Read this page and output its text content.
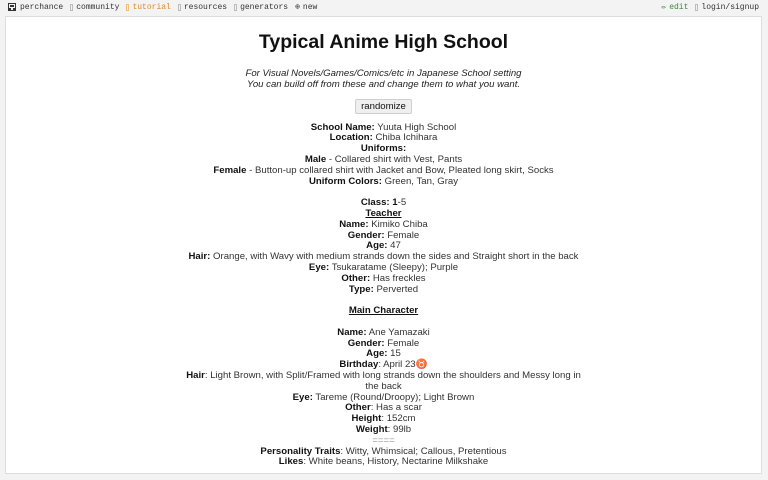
perchance community tutorial resources generators ⊕ new	✏ edit login/signup
Typical Anime High School
For Visual Novels/Games/Comics/etc in Japanese School setting
You can build off from these and change them to what you want.
randomize
School Name: Yuuta High School
Location: Chiba Ichihara
Uniforms:
Male - Collared shirt with Vest, Pants
Female - Button-up collared shirt with Jacket and Bow, Pleated long skirt, Socks
Uniform Colors: Green, Tan, Gray
Class: 1-5
Teacher
Name: Kimiko Chiba
Gender: Female
Age: 47
Hair: Orange, with Wavy with medium strands down the sides and Straight short in the back
Eye: Tsukaratame (Sleepy); Purple
Other: Has freckles
Type: Perverted
Main Character
Name: Ane Yamazaki
Gender: Female
Age: 15
Birthday: April 23♉
Hair: Light Brown, with Split/Framed with long strands down the shoulders and Messy long in the back
Eye: Tareme (Round/Droopy); Light Brown
Other: Has a scar
Height: 152cm
Weight: 99lb
====
Personality Traits: Witty, Whimsical; Callous, Pretentious
Likes: White beans, History, Nectarine Milkshake
